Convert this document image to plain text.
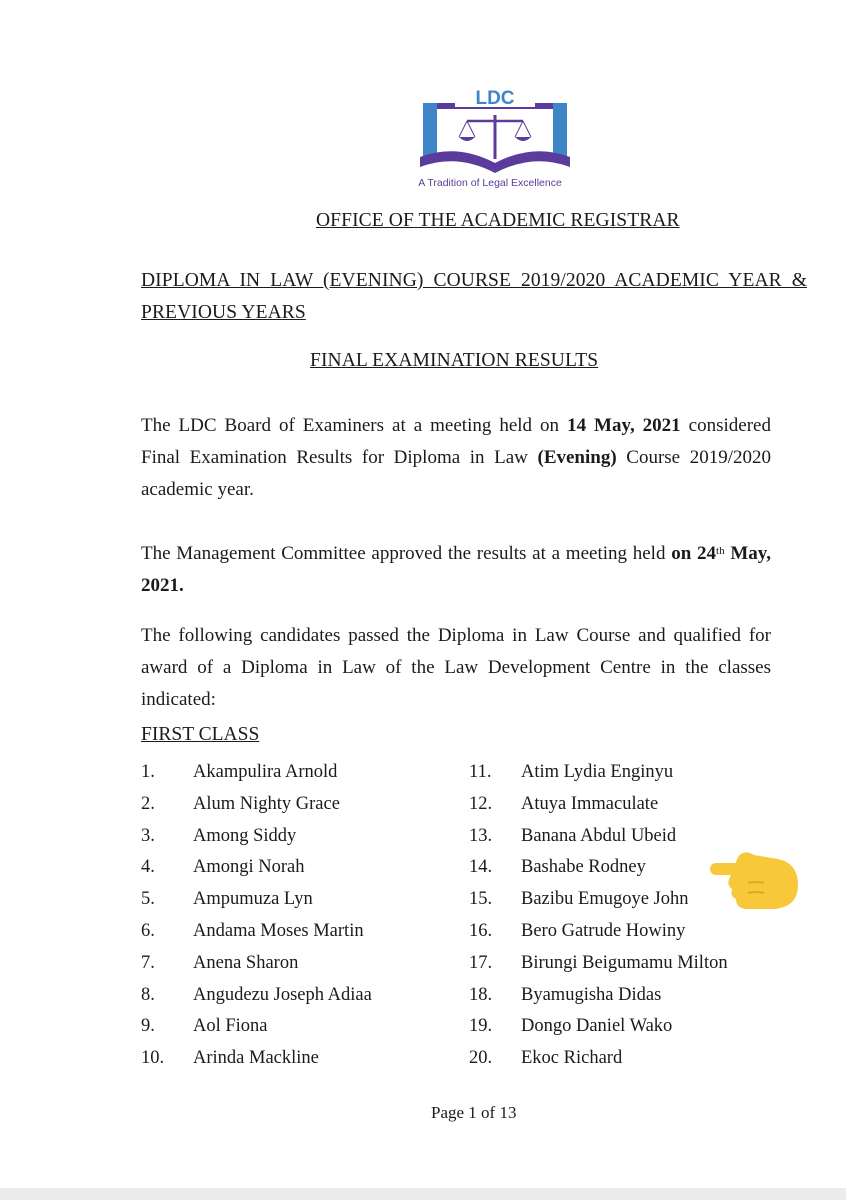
LDC
A Tradition of Legal Excellence
OFFICE OF THE ACADEMIC REGISTRAR
DIPLOMA IN LAW (EVENING) COURSE 2019/2020 ACADEMIC YEAR & PREVIOUS YEARS
FINAL EXAMINATION RESULTS
The LDC Board of Examiners at a meeting held on 14 May, 2021 considered Final Examination Results for Diploma in Law (Evening) Course 2019/2020 academic year.
The Management Committee approved the results at a meeting held on 24th May, 2021.
The following candidates passed the Diploma in Law Course and qualified for award of a Diploma in Law of the Law Development Centre in the classes indicated:
FIRST CLASS
1. Akampulira Arnold
2. Alum Nighty Grace
3. Among Siddy
4. Amongi Norah
5. Ampumuza Lyn
6. Andama Moses Martin
7. Anena Sharon
8. Angudezu Joseph Adiaa
9. Aol Fiona
10. Arinda Mackline
11. Atim Lydia Enginyu
12. Atuya Immaculate
13. Banana Abdul Ubeid
14. Bashabe Rodney
15. Bazibu Emugoye John
16. Bero Gatrude Howiny
17. Birungi Beigumamu Milton
18. Byamugisha Didas
19. Dongo Daniel Wako
20. Ekoc Richard
Page 1 of 13
